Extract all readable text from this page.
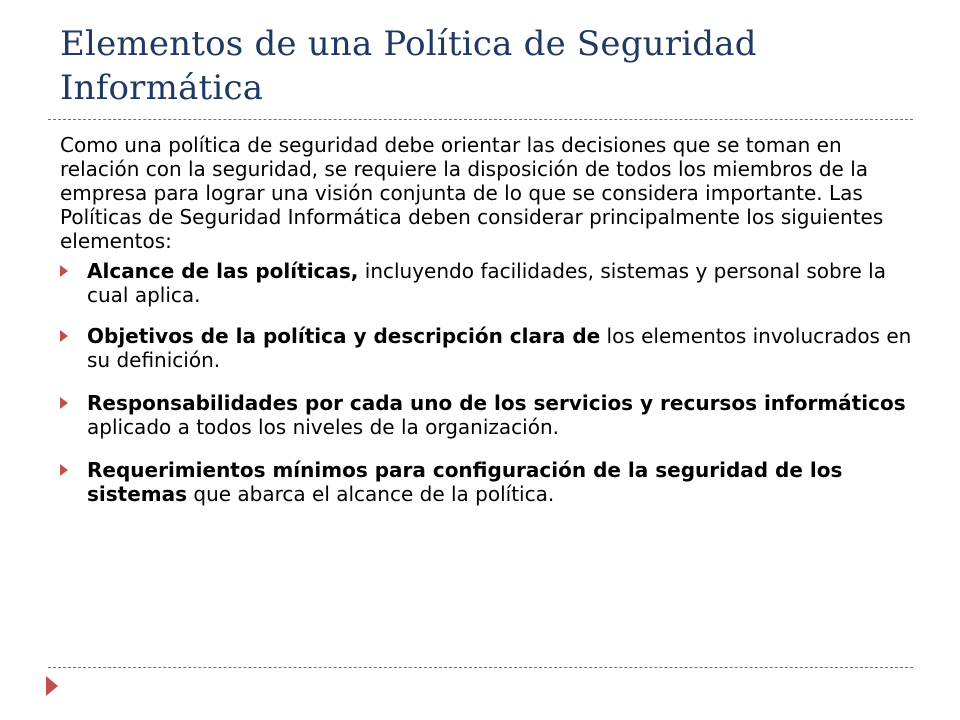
Elementos de una Política de Seguridad Informática

Como una política de seguridad debe orientar las decisiones que se toman en relación con la seguridad, se requiere la disposición de todos los miembros de la empresa para lograr una visión conjunta de lo que se considera importante. Las Políticas de Seguridad Informática deben considerar principalmente los siguientes elementos:

Alcance de las políticas, incluyendo facilidades, sistemas y personal sobre la cual aplica.
Objetivos de la política y descripción clara de los elementos involucrados en su definición.
Responsabilidades por cada uno de los servicios y recursos informáticos aplicado a todos los niveles de la organización.
Requerimientos mínimos para configuración de la seguridad de los sistemas que abarca el alcance de la política.
